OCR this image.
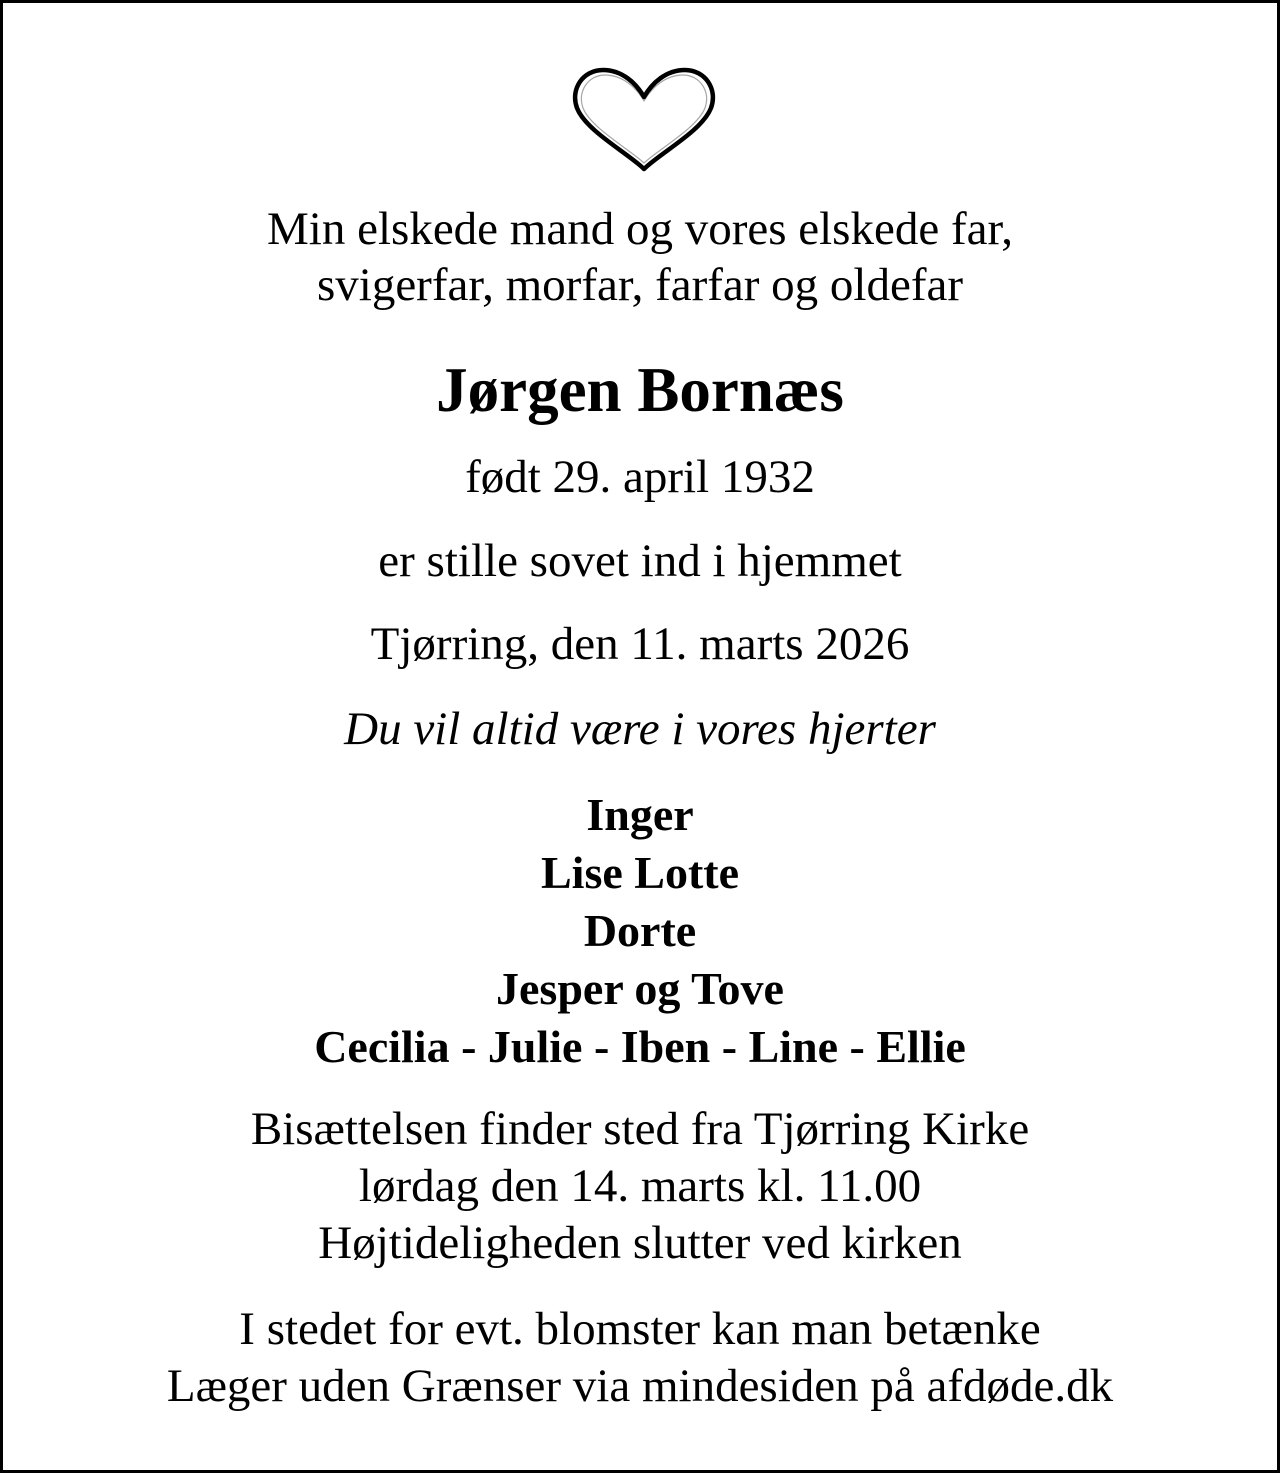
Min elskede mand og vores elskede far,
svigerfar, morfar, farfar og oldefar
Jørgen Bornæs
født 29. april 1932
er stille sovet ind i hjemmet
Tjørring, den 11. marts 2026
Du vil altid være i vores hjerter
Inger
Lise Lotte
Dorte
Jesper og Tove
Cecilia - Julie - Iben - Line - Ellie
Bisættelsen finder sted fra Tjørring Kirke
lørdag den 14. marts kl. 11.00
Højtideligheden slutter ved kirken
I stedet for evt. blomster kan man betænke
Læger uden Grænser via mindesiden på afdøde.dk
